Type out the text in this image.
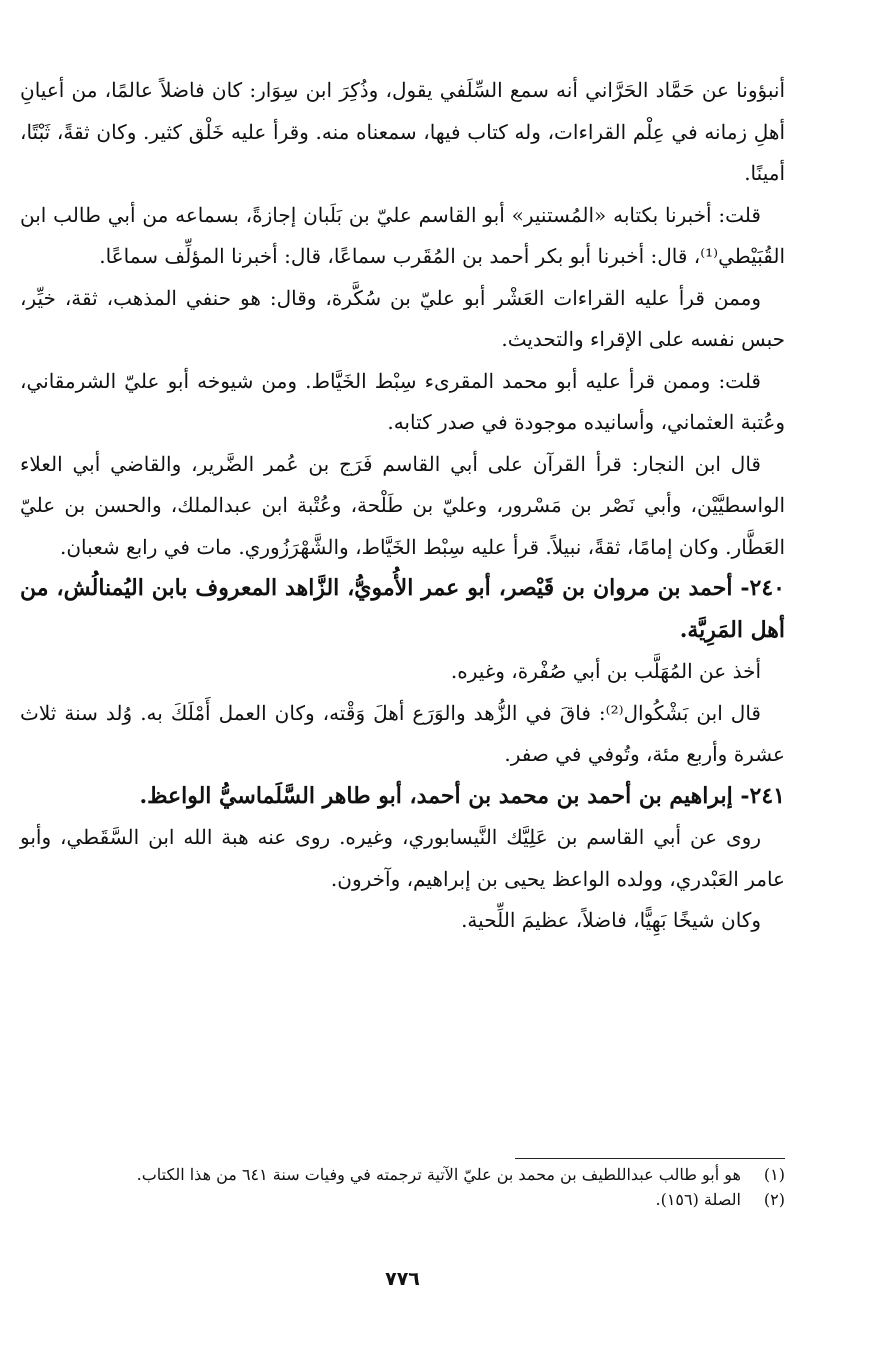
أنبؤونا عن حَمَّاد الحَرَّاني أنه سمع السِّلَفي يقول، وذُكِرَ ابن سِوَار: كان فاضلاً عالمًا، من أعيانِ أهلِ زمانه في عِلْم القراءات، وله كتاب فيها، سمعناه منه. وقرأ عليه خَلْق كثير. وكان ثقةً، ثَبْتًا، أمينًا.

قلت: أخبرنا بكتابه «المُستنير» أبو القاسم عليّ بن بَلَبان إجازةً، بسماعه من أبي طالب ابن القُبَيْطي⁽¹⁾، قال: أخبرنا أبو بكر أحمد بن المُقَرب سماعًا، قال: أخبرنا المؤلِّف سماعًا.

وممن قرأ عليه القراءات العَشْر أبو عليّ بن سُكَّرة، وقال: هو حنفي المذهب، ثقة، خيِّر، حبس نفسه على الإقراء والتحديث.

قلت: وممن قرأ عليه أبو محمد المقرىء سِبْط الخَيَّاط. ومن شيوخه أبو عليّ الشرمقاني، وعُتبة العثماني، وأسانيده موجودة في صدر كتابه.

قال ابن النجار: قرأ القرآن على أبي القاسم فَرَج بن عُمر الضَّرير، والقاضي أبي العلاء الواسطيَّيْن، وأبي نَصْر بن مَسْرور، وعليّ بن طَلْحة، وعُتْبة ابن عبدالملك، والحسن بن عليّ العَطَّار. وكان إمامًا، ثقةً، نبيلاً. قرأ عليه سِبْط الخَيَّاط، والشَّهْرَزُوري. مات في رابع شعبان.

٢٤٠- أحمد بن مروان بن قَيْصر، أبو عمر الأُمويُّ، الزَّاهد المعروف بابن اليُمنالُش، من أهل المَرِيَّة.

أخذ عن المُهَلَّب بن أبي صُفْرة، وغيره.

قال ابن بَشْكُوال⁽²⁾: فاقَ في الزُّهد والوَرَع أهلَ وَقْته، وكان العمل أَمْلَكَ به. وُلد سنة ثلاث عشرة وأربع مئة، وتُوفي في صفر.

٢٤١- إبراهيم بن أحمد بن محمد بن أحمد، أبو طاهر السَّلَماسيُّ الواعظ.

روى عن أبي القاسم بن عَلِيَّك النَّيسابوري، وغيره. روى عنه هبة الله ابن السَّقَطي، وأبو عامر العَبْدري، وولده الواعظ يحيى بن إبراهيم، وآخرون.

وكان شيخًا بَهِيًّا، فاضلاً، عظيمَ اللِّحية.

(١)
هو أبو طالب عبداللطيف بن محمد بن عليّ الآتية ترجمته في وفيات سنة ٦٤١ من هذا الكتاب.

(٢)
الصلة (١٥٦).

٧٧٦
